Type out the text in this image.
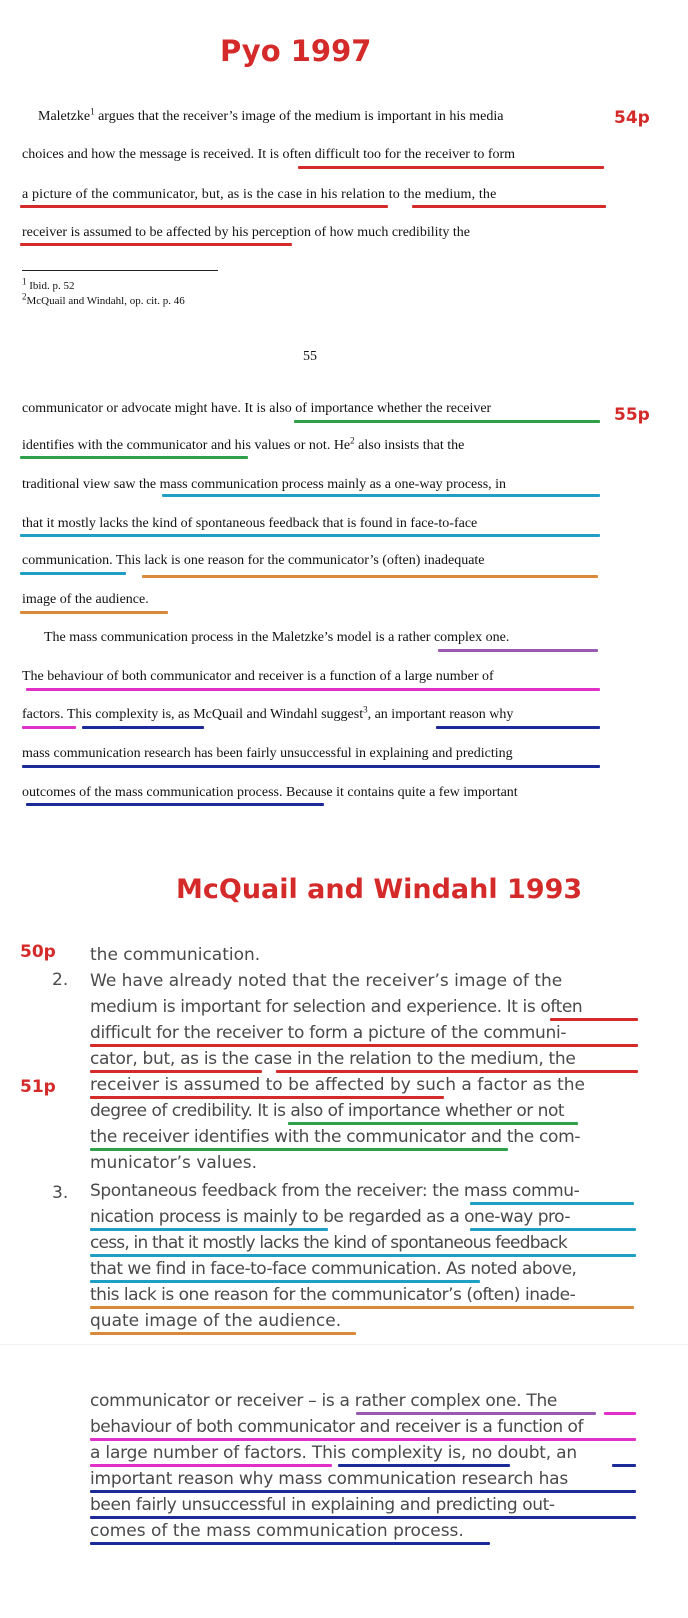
Pyo 1997
54p

Maletzke$^1$ argues that the receiver’s image of the medium is important in his media

choices and how the message is received. It is often difficult too for the receiver to form

a picture of the communicator, but, as is the case in his relation to the medium, the

receiver is assumed to be affected by his perception of how much credibility the

$^1$ Ibid. p. 52

$^2$McQuail and Windahl, op. cit. p. 46

55

55p

communicator or advocate might have. It is also of importance whether the receiver

identifies with the communicator and his values or not. He$^2$ also insists that the

traditional view saw the mass communication process mainly as a one-way process, in

that it mostly lacks the kind of spontaneous feedback that is found in face-to-face

communication. This lack is one reason for the communicator’s (often) inadequate

image of the audience.

The mass communication process in the Maletzke’s model is a rather complex one.

The behaviour of both communicator and receiver is a function of a large number of

factors. This complexity is, as McQuail and Windahl suggest$^3$, an important reason why

mass communication research has been fairly unsuccessful in explaining and predicting

outcomes of the mass communication process. Because it contains quite a few important

McQuail and Windahl 1993
50p
51p

2.

3.

the communication.

We have already noted that the receiver’s image of the

medium is important for selection and experience. It is often

difficult for the receiver to form a picture of the communi-

cator, but, as is the case in the relation to the medium, the

receiver is assumed to be affected by such a factor as the

degree of credibility. It is also of importance whether or not

the receiver identifies with the communicator and the com-

municator’s values.

Spontaneous feedback from the receiver: the mass commu-

nication process is mainly to be regarded as a one-way pro-

cess, in that it mostly lacks the kind of spontaneous feedback

that we find in face-to-face communication. As noted above,

this lack is one reason for the communicator’s (often) inade-

quate image of the audience.

communicator or receiver – is a rather complex one. The

behaviour of both communicator and receiver is a function of

a large number of factors. This complexity is, no doubt, an

important reason why mass communication research has

been fairly unsuccessful in explaining and predicting out-

comes of the mass communication process.
